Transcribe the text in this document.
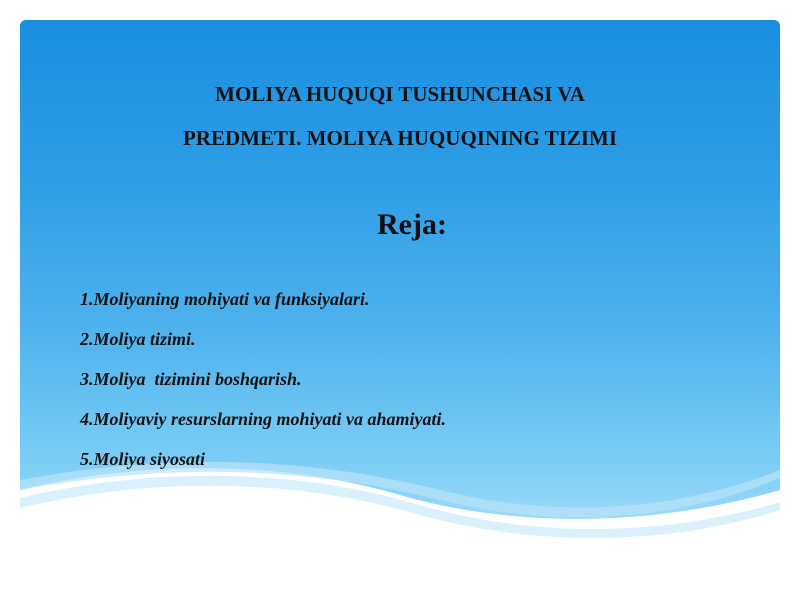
MOLIYA HUQUQI TUSHUNCHASI VA
PREDMETI. MOLIYA HUQUQINING TIZIMI
Reja:
1.Moliyaning mohiyati va funksiyalari.
2.Moliya tizimi.
3.Moliya  tizimini boshqarish.
4.Moliyaviy resurslarning mohiyati va ahamiyati.
5.Moliya siyosati
